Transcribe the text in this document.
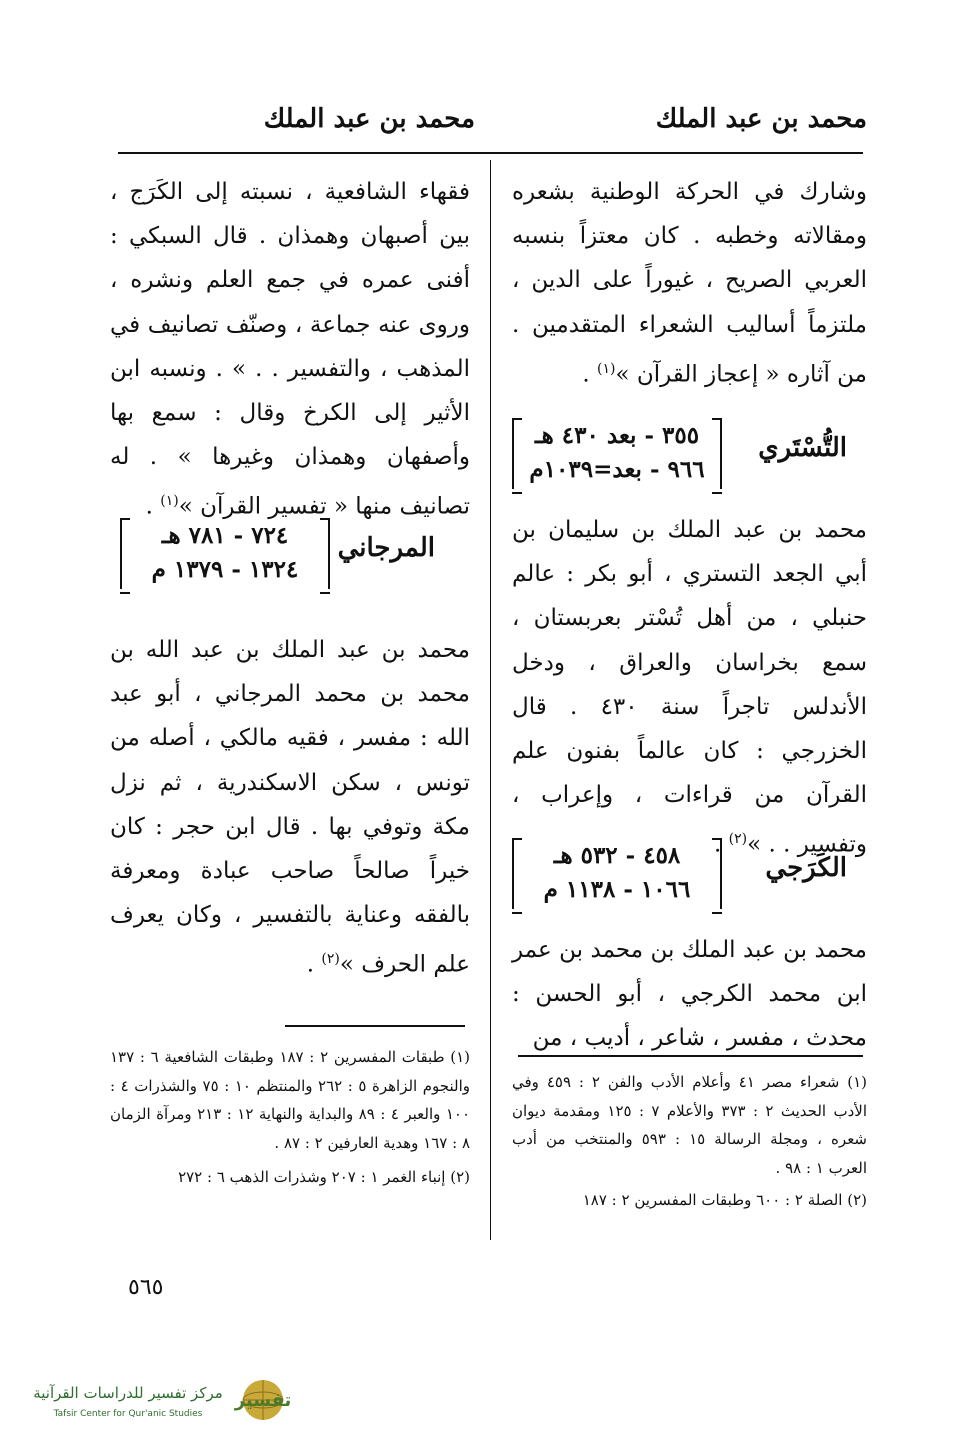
محمد بن عبد الملك
محمد بن عبد الملك

وشارك في الحركة الوطنية بشعره ومقالاته وخطبه . كان معتزاً بنسبه العربي الصريح ، غيوراً على الدين ، ملتزماً أساليب الشعراء المتقدمين . من آثاره « إعجاز القرآن »$^{(١)}$ .

التُّسْتَري
٣٥٥ - بعد ٤٣٠ هـ
٩٦٦ - بعد=١٠٣٩م

محمد بن عبد الملك بن سليمان بن أبي الجعد التستري ، أبو بكر : عالم حنبلي ، من أهل تُسْتر بعربستان ، سمع بخراسان والعراق ، ودخل الأندلس تاجراً سنة ٤٣٠ . قال الخزرجي : كان عالماً بفنون علم القرآن من قراءات ، وإعراب ، وتفسير . . »$^{(٢)}$ .

الكَرَجي
٤٥٨ - ٥٣٢ هـ
١٠٦٦ - ١١٣٨ م

محمد بن عبد الملك بن محمد بن عمر ابن محمد الكرجي ، أبو الحسن : محدث ، مفسر ، شاعر ، أديب ، من

(١) شعراء مصر ٤١ وأعلام الأدب والفن ٢ : ٤٥٩ وفي الأدب الحديث ٢ : ٣٧٣ والأعلام ٧ : ١٢٥ ومقدمة ديوان شعره ، ومجلة الرسالة ١٥ : ٥٩٣ والمنتخب من أدب العرب ١ : ٩٨ .

(٢) الصلة ٢ : ٦٠٠ وطبقات المفسرين ٢ : ١٨٧

فقهاء الشافعية ، نسبته إلى الكَرَج ، بين أصبهان وهمذان . قال السبكي : أفنى عمره في جمع العلم ونشره ، وروى عنه جماعة ، وصنّف تصانيف في المذهب ، والتفسير . . » . ونسبه ابن الأثير إلى الكرخ وقال : سمع بها وأصفهان وهمذان وغيرها » . له تصانيف منها « تفسير القرآن »$^{(١)}$ .

المرجاني
٧٢٤ - ٧٨١ هـ
١٣٢٤ - ١٣٧٩ م

محمد بن عبد الملك بن عبد الله بن محمد بن محمد المرجاني ، أبو عبد الله : مفسر ، فقيه مالكي ، أصله من تونس ، سكن الاسكندرية ، ثم نزل مكة وتوفي بها . قال ابن حجر : كان خيراً صالحاً صاحب عبادة ومعرفة بالفقه وعناية بالتفسير ، وكان يعرف علم الحرف »$^{(٢)}$ .

(١) طبقات المفسرين ٢ : ١٨٧ وطبقات الشافعية ٦ : ١٣٧ والنجوم الزاهرة ٥ : ٢٦٢ والمنتظم ١٠ : ٧٥ والشذرات ٤ : ١٠٠ والعبر ٤ : ٨٩ والبداية والنهاية ١٢ : ٢١٣ ومرآة الزمان ٨ : ١٦٧ وهدية العارفين ٢ : ٨٧ .

(٢) إنباء الغمر ١ : ٢٠٧ وشذرات الذهب ٦ : ٢٧٢

٥٦٥
تفسير
مركز تفسير للدراسات القرآنية
Tafsir Center for Qur'anic Studies
